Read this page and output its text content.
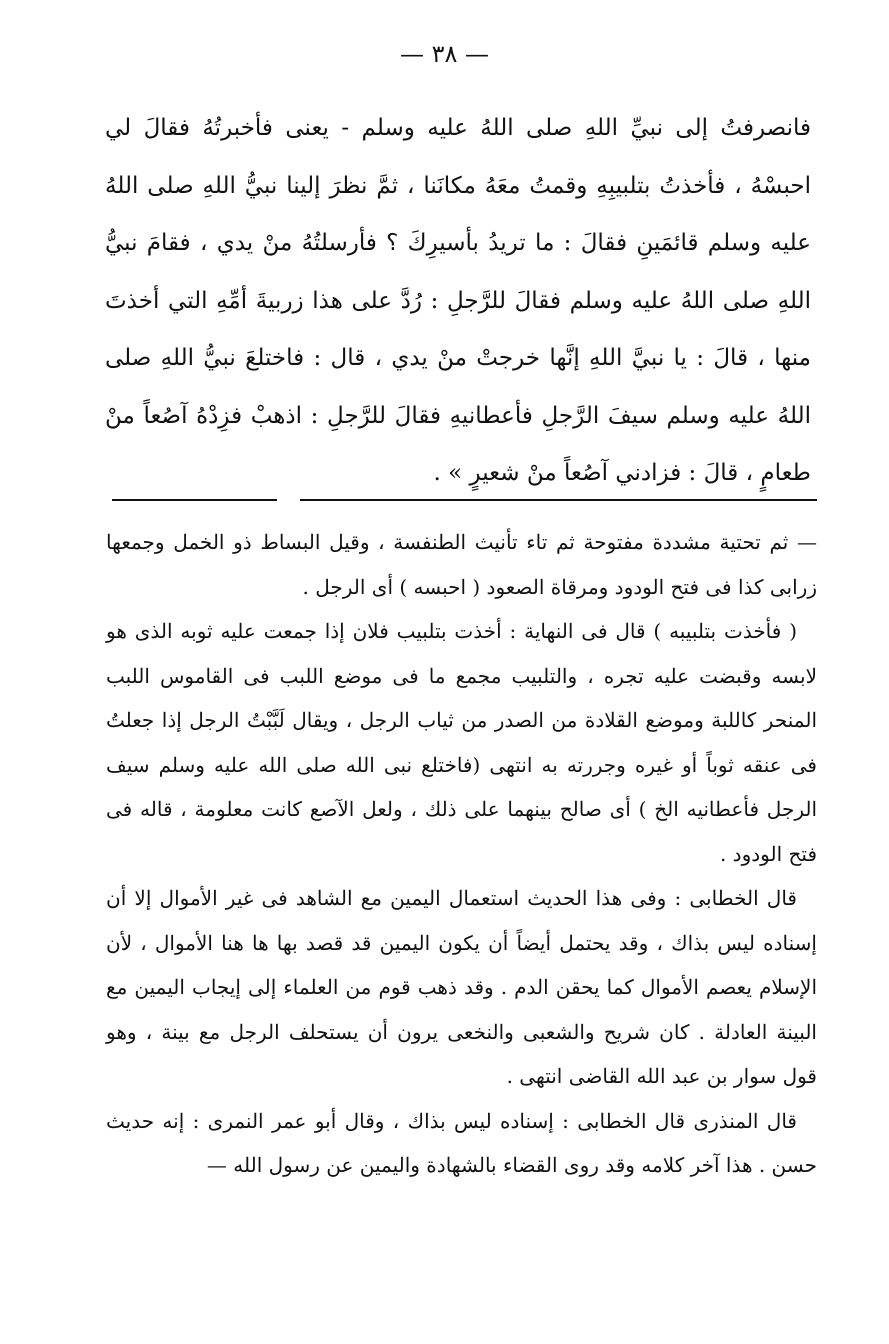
— ٣٨ —

فانصرفتُ إلى نبيِّ اللهِ صلى اللهُ عليه وسلم - يعنى فأخبرتُهُ فقالَ لي احبسْهُ ، فأخذتُ بتلبيبِهِ وقمتُ معَهُ مكانَنا ، ثمَّ نظرَ إلينا نبيُّ اللهِ صلى اللهُ عليه وسلم قائمَينِ فقالَ : ما تريدُ بأسيرِكَ ؟ فأرسلتُهُ منْ يدي ، فقامَ نبيُّ اللهِ صلى اللهُ عليه وسلم فقالَ للرَّجلِ : رُدَّ على هذا زربيةَ أمِّهِ التي أخذتَ منها ، قالَ : يا نبيَّ اللهِ إنَّها خرجتْ منْ يدي ، قال : فاختلعَ نبيُّ اللهِ صلى اللهُ عليه وسلم سيفَ الرَّجلِ فأعطانيهِ فقالَ للرَّجلِ : اذهبْ فزِدْهُ آصُعاً منْ طعامٍ ، قالَ : فزادني آصُعاً منْ شعيرٍ » .

— ثم تحتية مشددة مفتوحة ثم تاء تأنيث الطنفسة ، وقيل البساط ذو الخمل وجمعها زرابى كذا فى فتح الودود ومرقاة الصعود ( احبسه ) أى الرجل .

( فأخذت بتلبيبه ) قال فى النهاية : أخذت بتلبيب فلان إذا جمعت عليه ثوبه الذى هو لابسه وقبضت عليه تجره ، والتلبيب مجمع ما فى موضع اللبب فى القاموس اللبب المنحر كاللبة وموضع القلادة من الصدر من ثياب الرجل ، ويقال لَبَّبْتُ الرجل إذا جعلتُ فى عنقه ثوباً أو غيره وجررته به انتهى (فاختلع نبى الله صلى الله عليه وسلم سيف الرجل فأعطانيه الخ ) أى صالح بينهما على ذلك ، ولعل الآصع كانت معلومة ، قاله فى فتح الودود .

قال الخطابى : وفى هذا الحديث استعمال اليمين مع الشاهد فى غير الأموال إلا أن إسناده ليس بذاك ، وقد يحتمل أيضاً أن يكون اليمين قد قصد بها ها هنا الأموال ، لأن الإسلام يعصم الأموال كما يحقن الدم . وقد ذهب قوم من العلماء إلى إيجاب اليمين مع البينة العادلة . كان شريح والشعبى والنخعى يرون أن يستحلف الرجل مع بينة ، وهو قول سوار بن عبد الله القاضى انتهى .

قال المنذرى قال الخطابى : إسناده ليس بذاك ، وقال أبو عمر النمرى : إنه حديث حسن . هذا آخر كلامه وقد روى القضاء بالشهادة واليمين عن رسول الله —
